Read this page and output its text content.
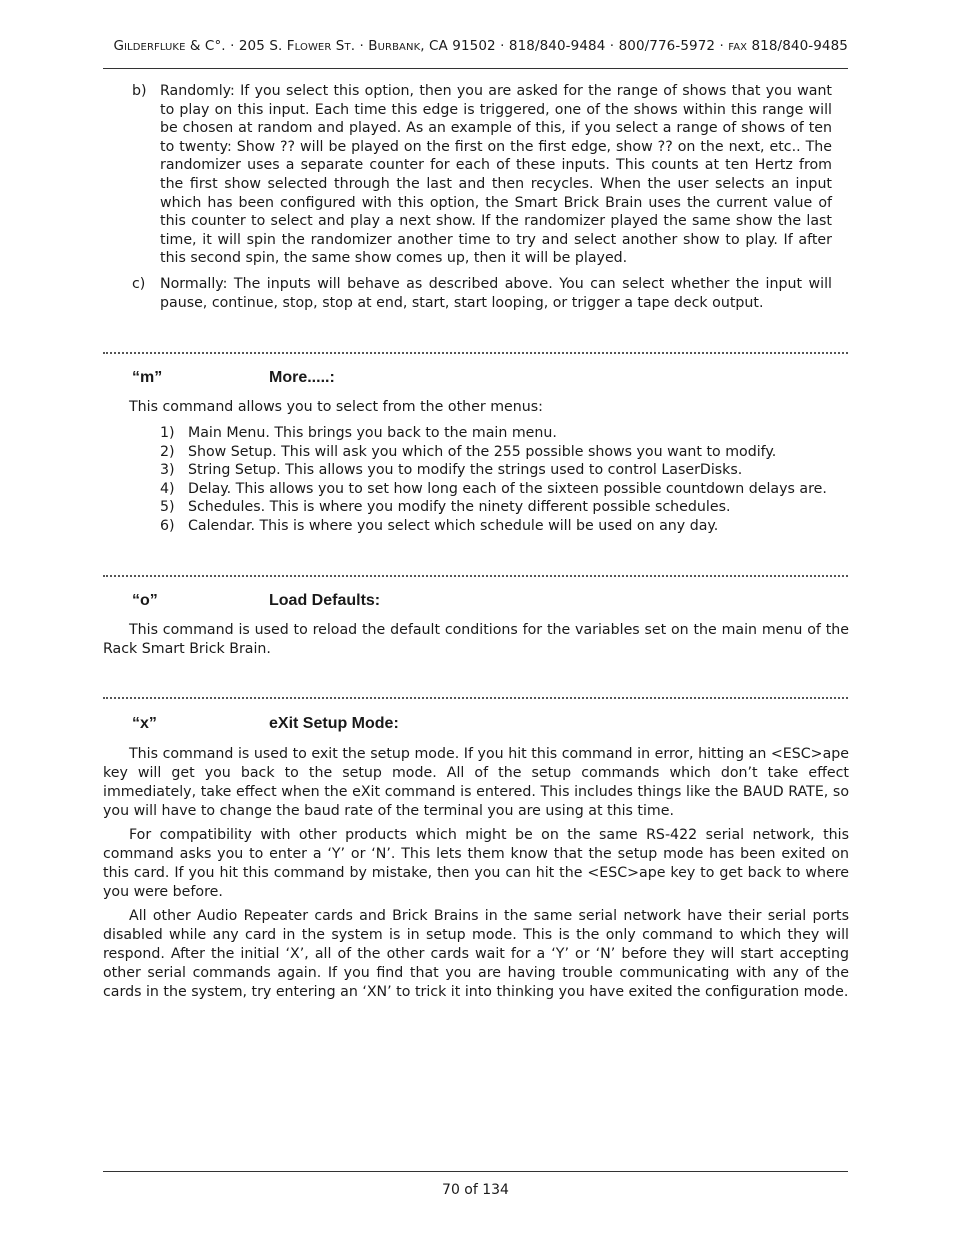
GILDERFLUKE & C°. · 205 S. FLOWER ST. · BURBANK, CA 91502 · 818/840-9484 · 800/776-5972 · FAX 818/840-9485
b) Randomly: If you select this option, then you are asked for the range of shows that you want to play on this input. Each time this edge is triggered, one of the shows within this range will be chosen at random and played. As an example of this, if you select a range of shows of ten to twenty: Show ?? will be played on the first on the first edge, show ?? on the next, etc.. The randomizer uses a separate counter for each of these inputs. This counts at ten Hertz from the first show selected through the last and then recycles. When the user selects an input which has been configured with this option, the Smart Brick Brain uses the current value of this counter to select and play a next show. If the randomizer played the same show the last time, it will spin the randomizer another time to try and select another show to play. If after this second spin, the same show comes up, then it will be played.
c) Normally: The inputs will behave as described above. You can select whether the input will pause, continue, stop, stop at end, start, start looping, or trigger a tape deck output.
“m”	More.....:
This command allows you to select from the other menus:
1) Main Menu. This brings you back to the main menu.
2) Show Setup. This will ask you which of the 255 possible shows you want to modify.
3) String Setup. This allows you to modify the strings used to control LaserDisks.
4) Delay. This allows you to set how long each of the sixteen possible countdown delays are.
5) Schedules. This is where you modify the ninety different possible schedules.
6) Calendar. This is where you select which schedule will be used on any day.
“o”	Load Defaults:
This command is used to reload the default conditions for the variables set on the main menu of the Rack Smart Brick Brain.
“x”	eXit Setup Mode:
This command is used to exit the setup mode. If you hit this command in error, hitting an <ESC>ape key will get you back to the setup mode. All of the setup commands which don’t take effect immediately, take effect when the eXit command is entered. This includes things like the BAUD RATE, so you will have to change the baud rate of the terminal you are using at this time.
For compatibility with other products which might be on the same RS-422 serial network, this command asks you to enter a ‘Y’ or ‘N’. This lets them know that the setup mode has been exited on this card. If you hit this command by mistake, then you can hit the <ESC>ape key to get back to where you were before.
All other Audio Repeater cards and Brick Brains in the same serial network have their serial ports disabled while any card in the system is in setup mode. This is the only command to which they will respond. After the initial ‘X’, all of the other cards wait for a ‘Y’ or ‘N’ before they will start accepting other serial commands again. If you find that you are having trouble communicating with any of the cards in the system, try entering an ‘XN’ to trick it into thinking you have exited the configuration mode.
70 of 134
